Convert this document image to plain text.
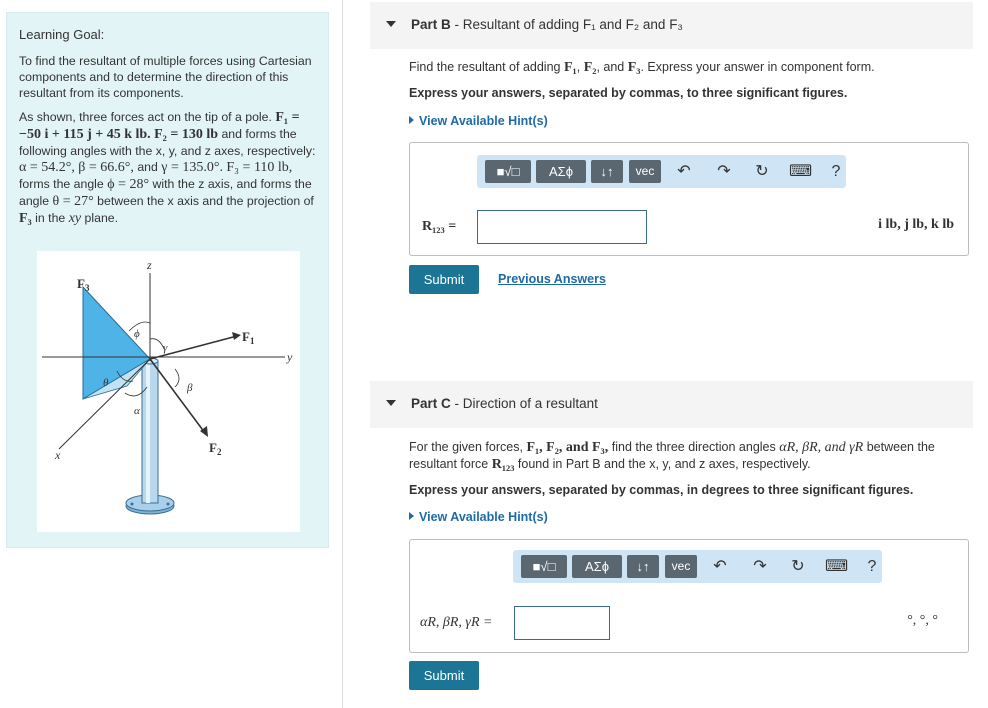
Learning Goal:
To find the resultant of multiple forces using Cartesian components and to determine the direction of this resultant from its components.
As shown, three forces act on the tip of a pole. F₁ = −50 i + 115 j + 45 k lb. F₂ = 130 lb and forms the following angles with the x, y, and z axes, respectively: α = 54.2°, β = 66.6°, and γ = 135.0°. F₃ = 110 lb, forms the angle ϕ = 28° with the z axis, and forms the angle θ = 27° between the x axis and the projection of F₃ in the xy plane.
z
y
x
$F_3$
$F_1$
$F_2$
ϕ
γ
θ
α
β
Part B - Resultant of adding F₁ and F₂ and F₃
Find the resultant of adding F₁, F₂, and F₃. Express your answer in component form.
Express your answers, separated by commas, to three significant figures.
View Available Hint(s)
■√□	ΑΣϕ	↓↑	vec	↶ ↷ ↻ ⌨	?
R₁₂₃ =	i lb, j lb, k lb
Submit	Previous Answers
Part C - Direction of a resultant
For the given forces, F₁, F₂, and F₃, find the three direction angles αR, βR, and γR between the resultant force R₁₂₃ found in Part B and the x, y, and z axes, respectively.
Express your answers, separated by commas, in degrees to three significant figures.
View Available Hint(s)
■√□	ΑΣϕ	↓↑	vec	↶ ↷ ↻ ⌨	?
αR, βR, γR =	°, °, °
Submit
